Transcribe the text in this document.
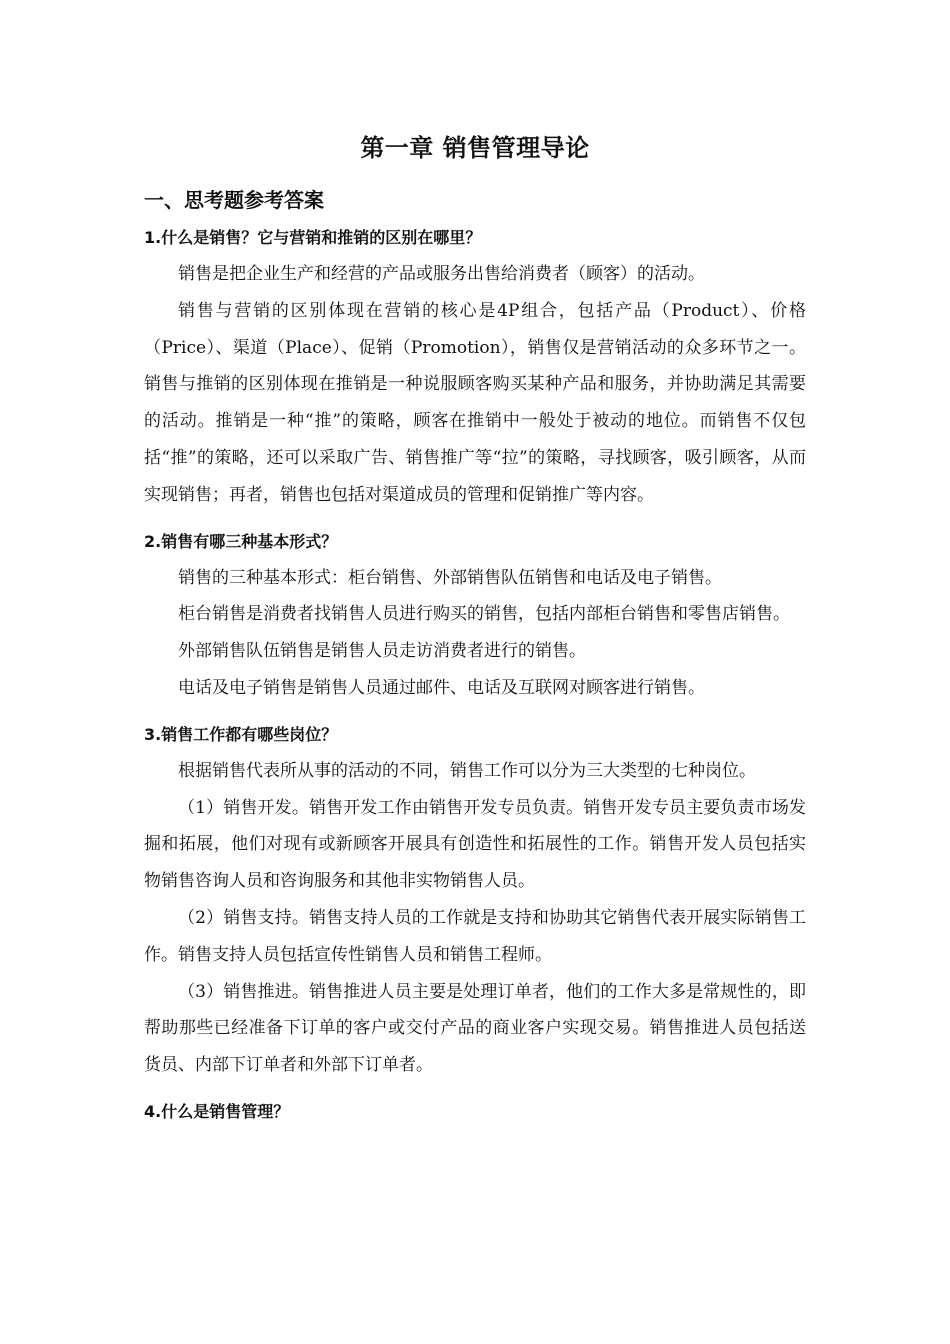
第一章 销售管理导论
一、思考题参考答案
1.什么是销售？它与营销和推销的区别在哪里？

销售是把企业生产和经营的产品或服务出售给消费者（顾客）的活动。

销售与营销的区别体现在营销的核心是4P组合，包括产品（Product）、价格（Price）、渠道（Place）、促销（Promotion），销售仅是营销活动的众多环节之一。销售与推销的区别体现在推销是一种说服顾客购买某种产品和服务，并协助满足其需要的活动。推销是一种“推”的策略，顾客在推销中一般处于被动的地位。而销售不仅包括“推”的策略，还可以采取广告、销售推广等“拉”的策略，寻找顾客，吸引顾客，从而实现销售；再者，销售也包括对渠道成员的管理和促销推广等内容。

2.销售有哪三种基本形式？

销售的三种基本形式：柜台销售、外部销售队伍销售和电话及电子销售。

柜台销售是消费者找销售人员进行购买的销售，包括内部柜台销售和零售店销售。

外部销售队伍销售是销售人员走访消费者进行的销售。

电话及电子销售是销售人员通过邮件、电话及互联网对顾客进行销售。

3.销售工作都有哪些岗位？

根据销售代表所从事的活动的不同，销售工作可以分为三大类型的七种岗位。

（1）销售开发。销售开发工作由销售开发专员负责。销售开发专员主要负责市场发掘和拓展，他们对现有或新顾客开展具有创造性和拓展性的工作。销售开发人员包括实物销售咨询人员和咨询服务和其他非实物销售人员。

（2）销售支持。销售支持人员的工作就是支持和协助其它销售代表开展实际销售工作。销售支持人员包括宣传性销售人员和销售工程师。

（3）销售推进。销售推进人员主要是处理订单者，他们的工作大多是常规性的，即帮助那些已经准备下订单的客户或交付产品的商业客户实现交易。销售推进人员包括送货员、内部下订单者和外部下订单者。

4.什么是销售管理？
